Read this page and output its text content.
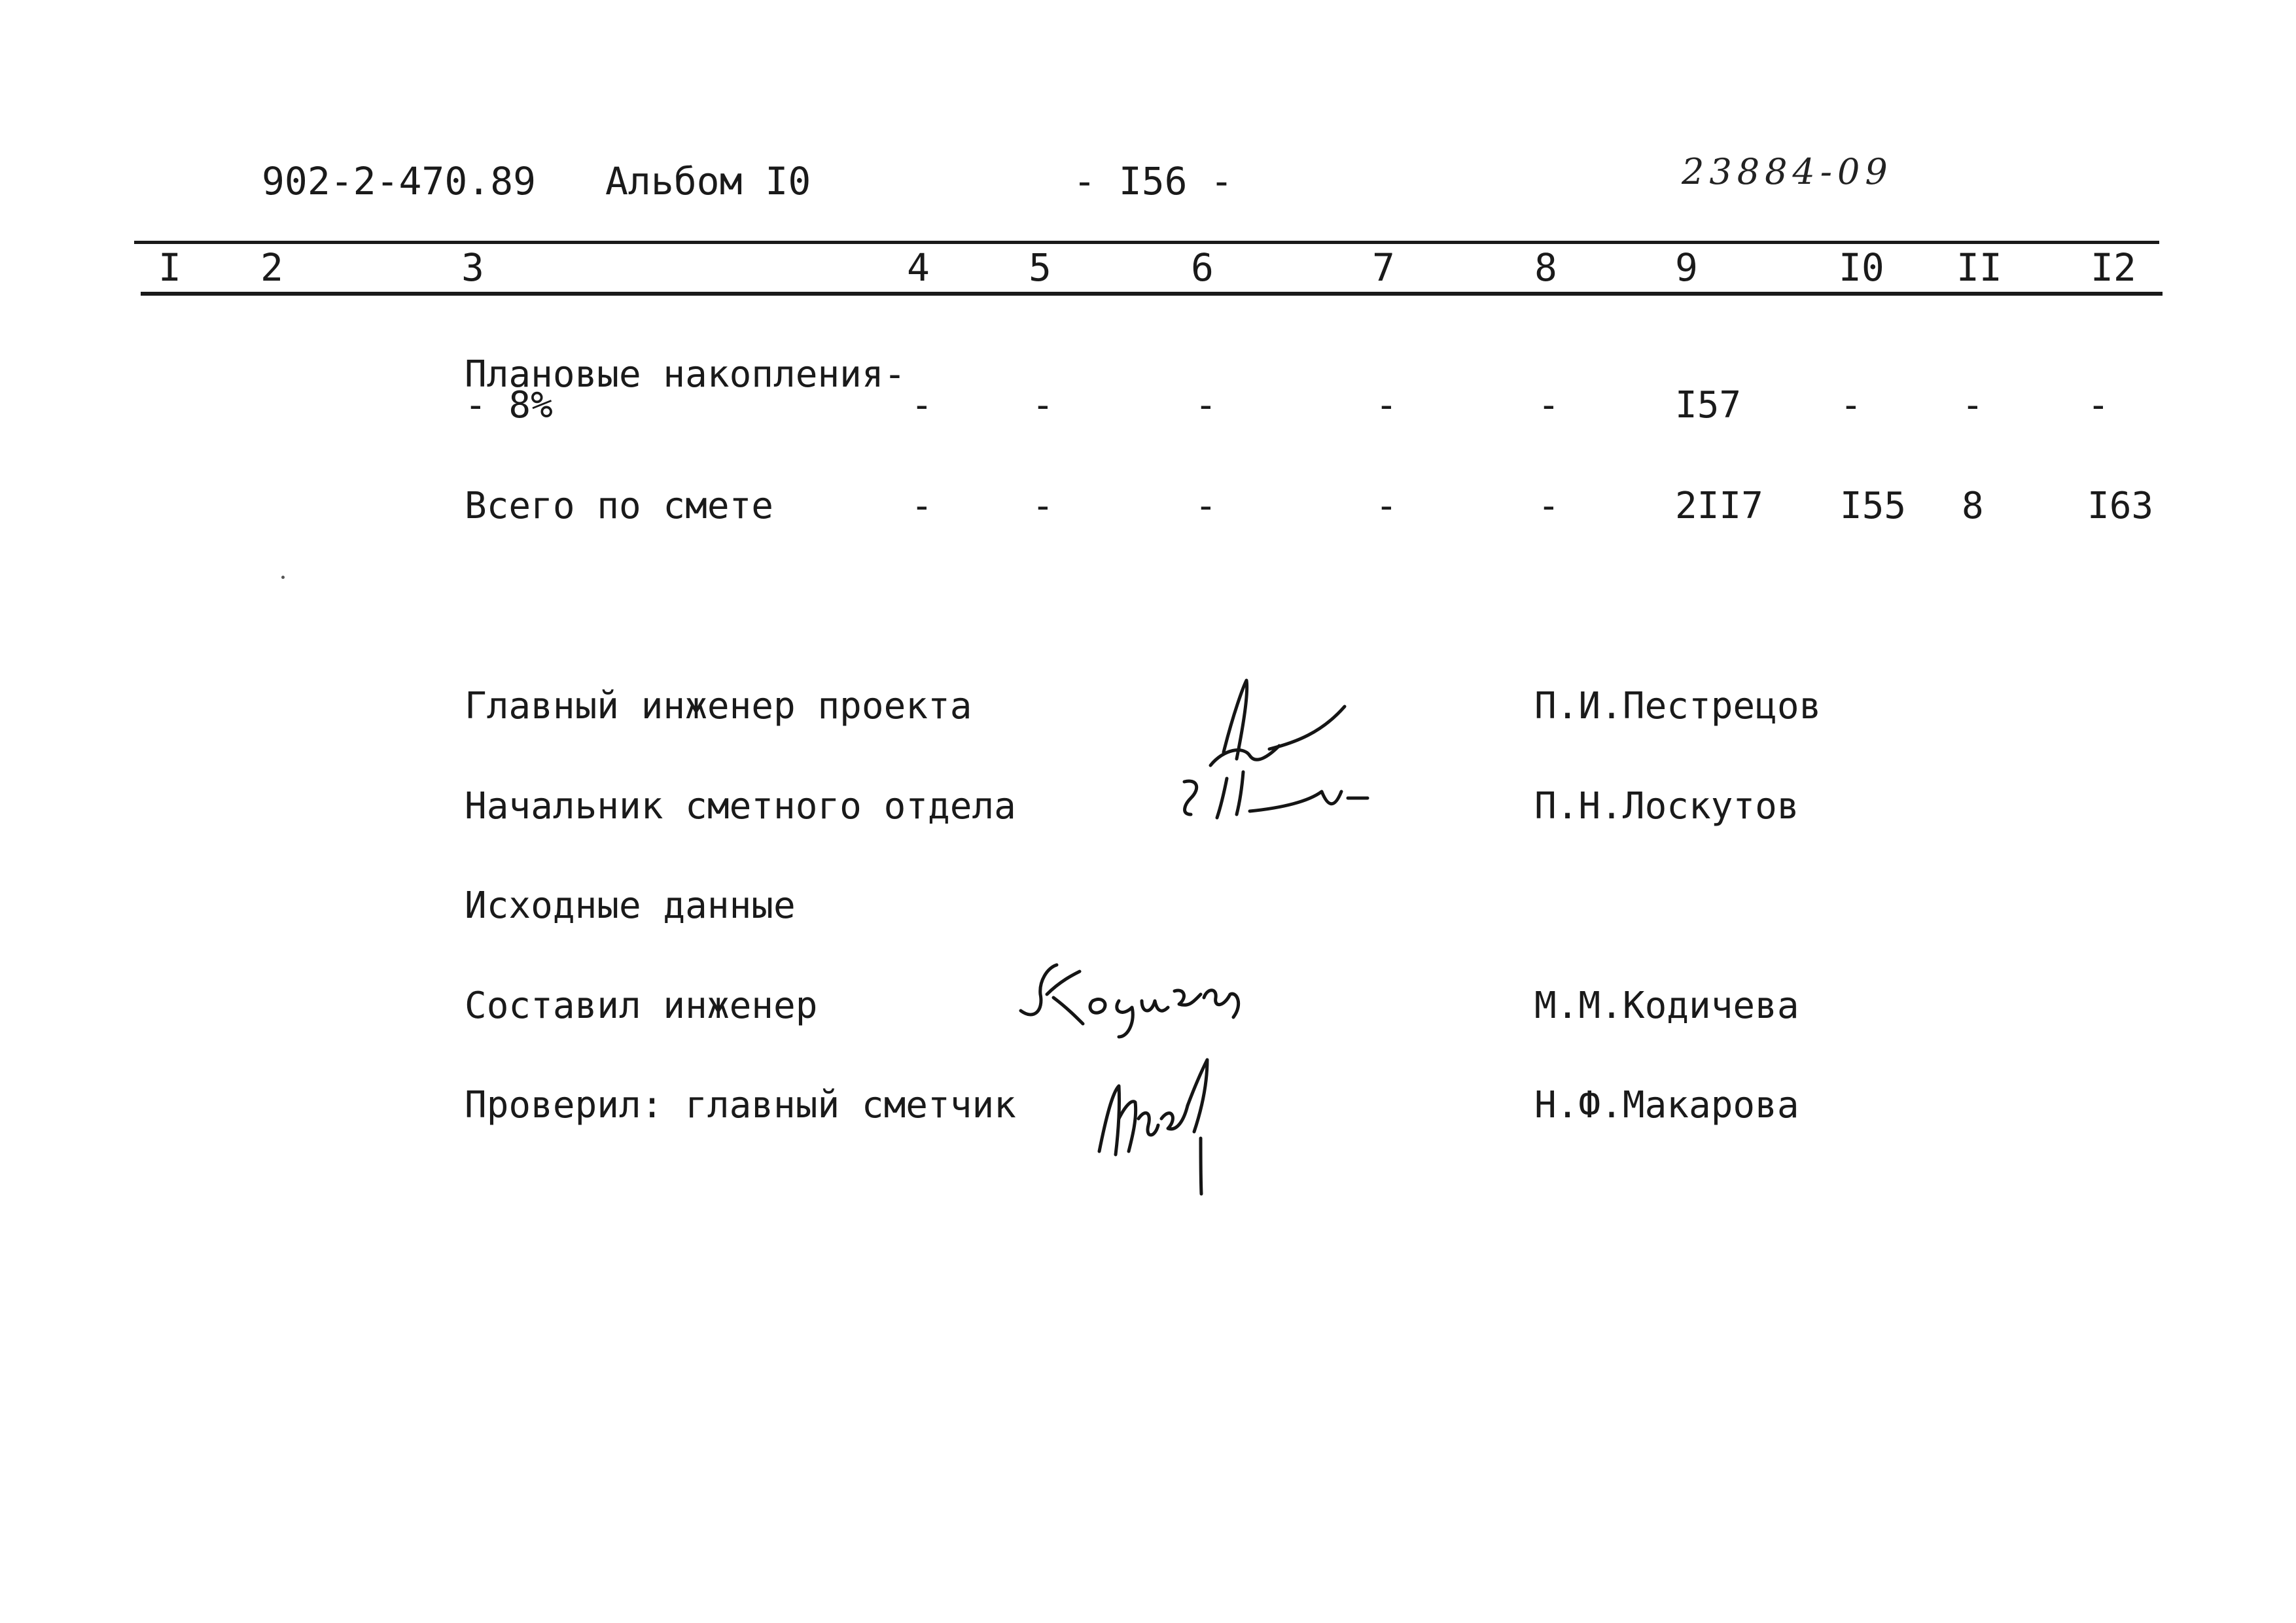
902-2-470.89 Альбом I0	- I56 -	23884-09
I 2	3	4	5	6	7	8	9	I0 II I2
Плановые накопления-
- 8%	-	-	-	-	-	I57	-	-	-
Всего по смете	-	-	-	-	-	2II7 I55 8	I63
Главный инженер проекта	П.И.Пестрецов
Начальник сметного отдела	П.Н.Лоскутов
Исходные данные
Составил инженер	М.М.Кодичева
Проверил: главный сметчик	Н.Ф.Макарова
